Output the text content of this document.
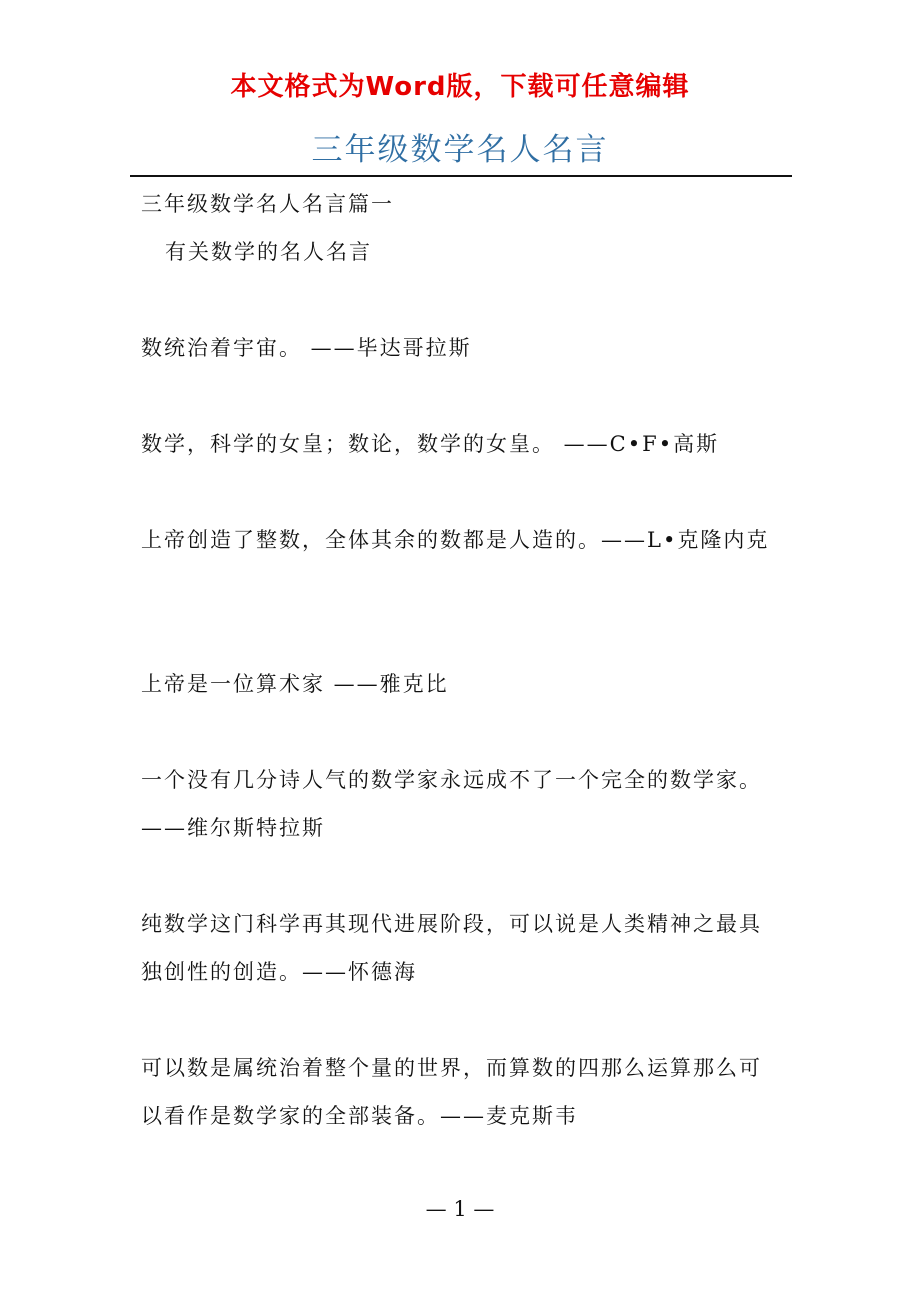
本文格式为Word版，下载可任意编辑
三年级数学名人名言
三年级数学名人名言篇一
有关数学的名人名言
数统治着宇宙。 ——毕达哥拉斯
数学，科学的女皇；数论，数学的女皇。 ——C•F•高斯
上帝创造了整数，全体其余的数都是人造的。——L•克隆内克
上帝是一位算术家 ——雅克比
一个没有几分诗人气的数学家永远成不了一个完全的数学家。——维尔斯特拉斯
纯数学这门科学再其现代进展阶段，可以说是人类精神之最具独创性的创造。——怀德海
可以数是属统治着整个量的世界，而算数的四那么运算那么可以看作是数学家的全部装备。——麦克斯韦
— 1 —
